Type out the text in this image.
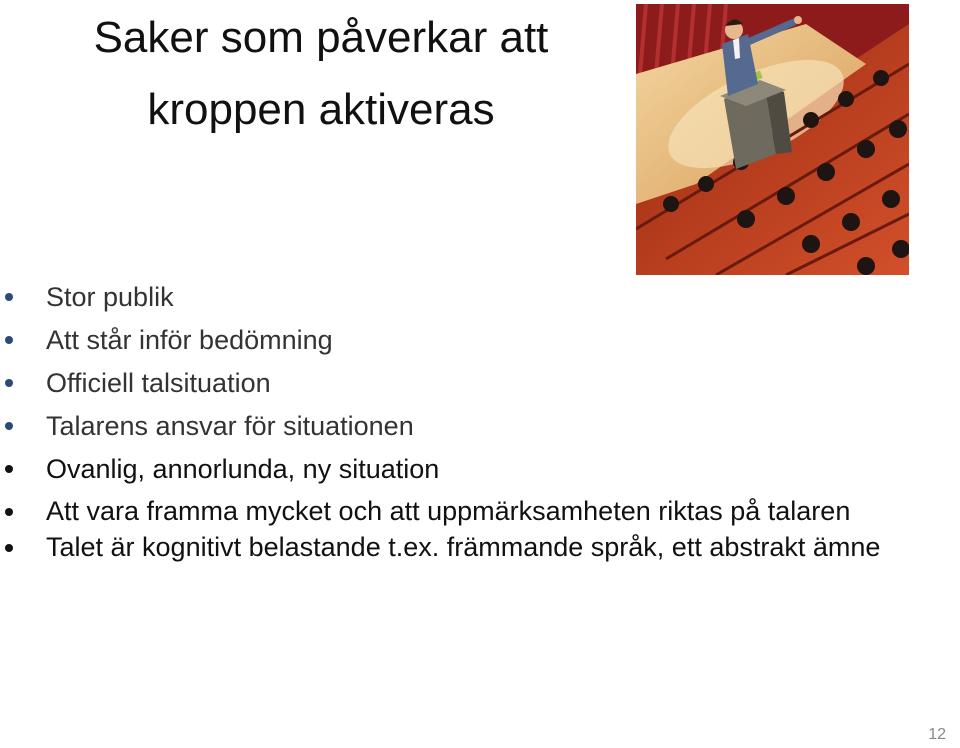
Saker som påverkar att
kroppen aktiveras
Stor publik
Att står inför bedömning
Officiell talsituation
Talarens ansvar för situationen
Ovanlig, annorlunda, ny situation
Att vara framma mycket och att uppmärksamheten riktas på talaren
Talet är kognitivt belastande t.ex. främmande språk, ett abstrakt ämne
12
